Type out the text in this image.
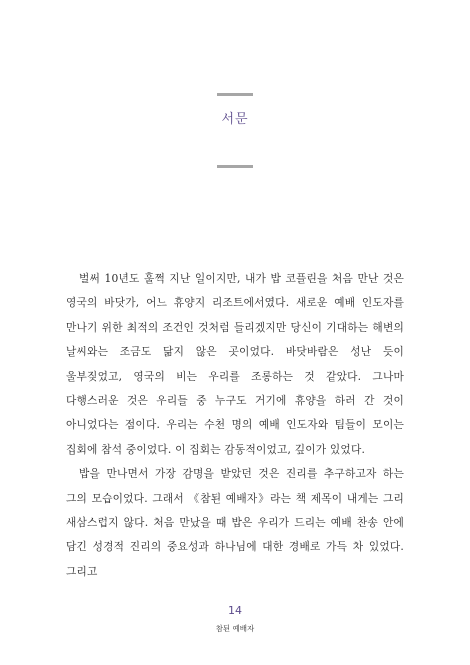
서문

벌써 10년도 훌쩍 지난 일이지만, 내가 밥 코플린을 처음 만난 것은 영국의 바닷가, 어느 휴양지 리조트에서였다. 새로운 예배 인도자를 만나기 위한 최적의 조건인 것처럼 들리겠지만 당신이 기대하는 해변의 날씨와는 조금도 닮지 않은 곳이었다. 바닷바람은 성난 듯이 울부짖었고, 영국의 비는 우리를 조롱하는 것 같았다. 그나마 다행스러운 것은 우리들 중 누구도 거기에 휴양을 하러 간 것이 아니었다는 점이다. 우리는 수천 명의 예배 인도자와 팀들이 모이는 집회에 참석 중이었다. 이 집회는 감동적이었고, 깊이가 있었다.

밥을 만나면서 가장 감명을 받았던 것은 진리를 추구하고자 하는 그의 모습이었다. 그래서 《참된 예배자》라는 책 제목이 내게는 그리 새삼스럽지 않다. 처음 만났을 때 밥은 우리가 드리는 예배 찬송 안에 담긴 성경적 진리의 중요성과 하나님에 대한 경배로 가득 차 있었다. 그리고

14
참된 예배자
